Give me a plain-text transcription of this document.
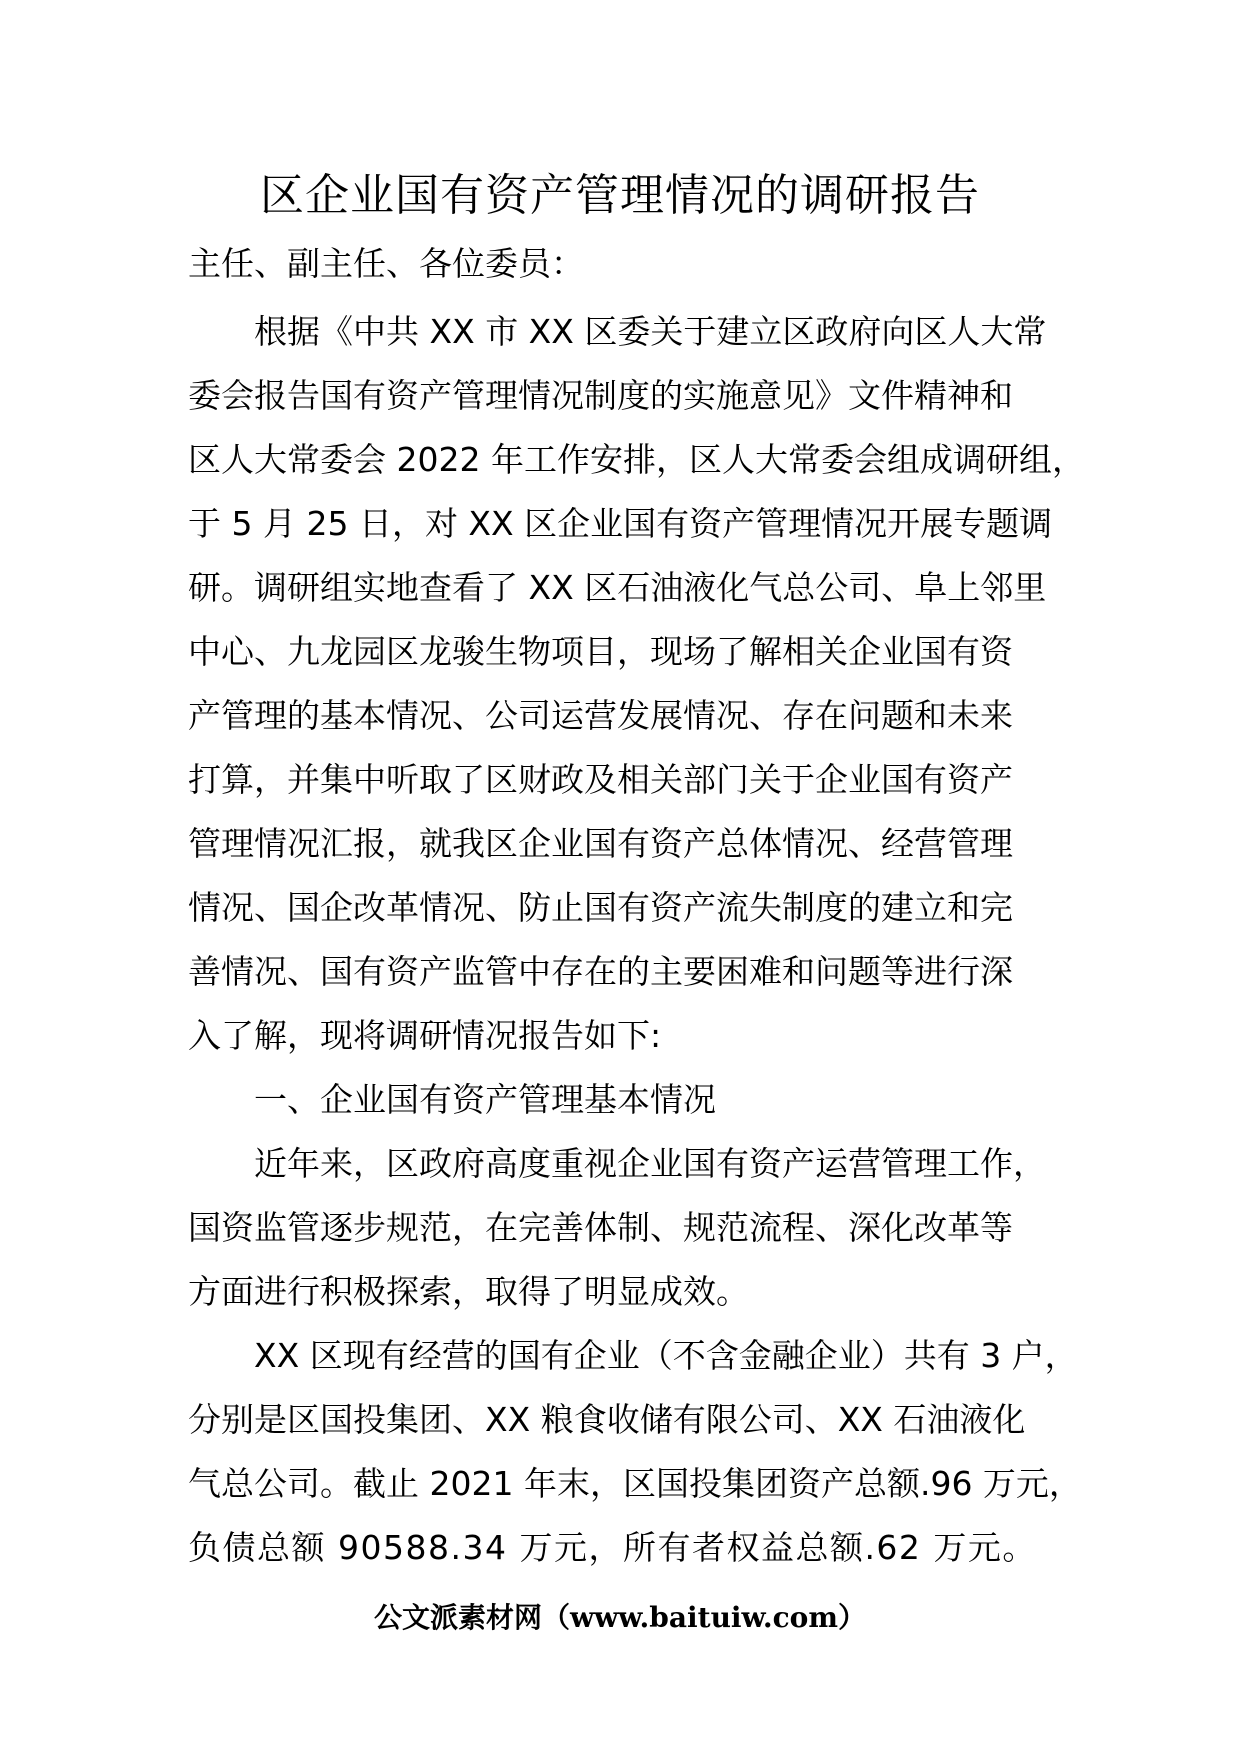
区企业国有资产管理情况的调研报告
主任、副主任、各位委员：
根据《中共 XX 市 XX 区委关于建立区政府向区人大常
委会报告国有资产管理情况制度的实施意见》文件精神和
区人大常委会 2022 年工作安排，区人大常委会组成调研组，
于 5 月 25 日，对 XX 区企业国有资产管理情况开展专题调
研。调研组实地查看了 XX 区石油液化气总公司、阜上邻里
中心、九龙园区龙骏生物项目，现场了解相关企业国有资
产管理的基本情况、公司运营发展情况、存在问题和未来
打算，并集中听取了区财政及相关部门关于企业国有资产
管理情况汇报，就我区企业国有资产总体情况、经营管理
情况、国企改革情况、防止国有资产流失制度的建立和完
善情况、国有资产监管中存在的主要困难和问题等进行深
入了解，现将调研情况报告如下:
一、企业国有资产管理基本情况
近年来，区政府高度重视企业国有资产运营管理工作，
国资监管逐步规范，在完善体制、规范流程、深化改革等
方面进行积极探索，取得了明显成效。
XX 区现有经营的国有企业（不含金融企业）共有 3 户，
分别是区国投集团、XX 粮食收储有限公司、XX 石油液化
气总公司。截止 2021 年末，区国投集团资产总额.96 万元，
负债总额 90588.34 万元，所有者权益总额.62 万元。
公文派素材网（www.baituiw.com）
